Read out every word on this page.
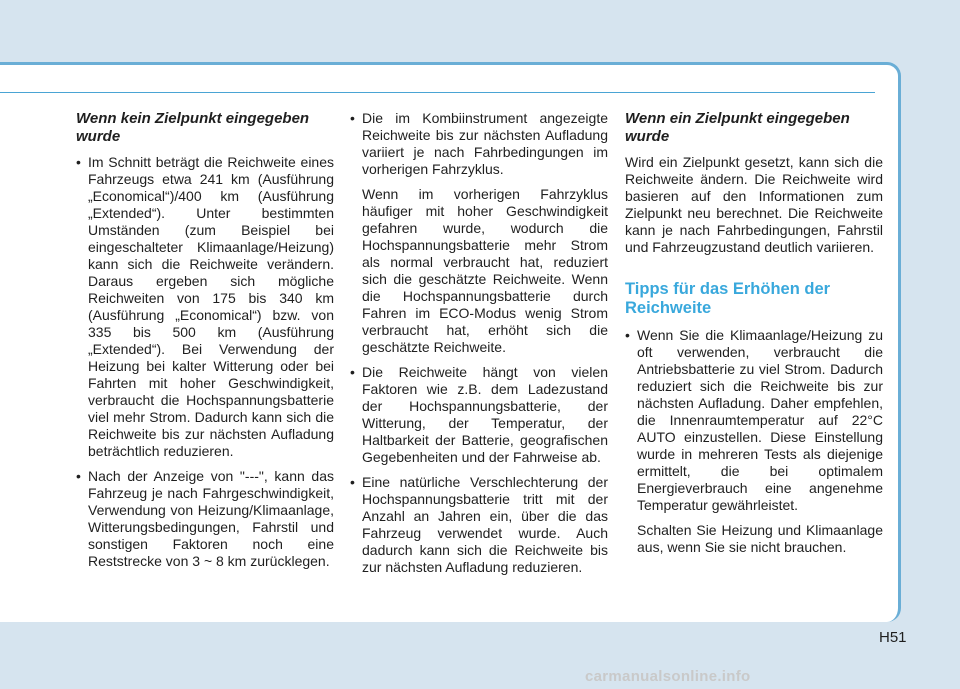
Wenn kein Zielpunkt eingegeben wurde
• Im Schnitt beträgt die Reichweite eines Fahrzeugs etwa 241 km (Ausführung „Economical“)/400 km (Ausführung „Extended“). Unter bestimmten Umständen (zum Beispiel bei eingeschalteter Klimaanlage/Heizung) kann sich die Reichweite verändern. Daraus ergeben sich mögliche Reichweiten von 175 bis 340 km (Ausführung „Economical“) bzw. von 335 bis 500 km (Ausführung „Extended“). Bei Verwendung der Heizung bei kalter Witterung oder bei Fahrten mit hoher Geschwindigkeit, verbraucht die Hochspannungsbatterie viel mehr Strom. Dadurch kann sich die Reichweite bis zur nächsten Aufladung beträchtlich reduzieren.
• Nach der Anzeige von "---", kann das Fahrzeug je nach Fahrgeschwindigkeit, Verwendung von Heizung/Klimaanlage, Witterungsbedingungen, Fahrstil und sonstigen Faktoren noch eine Reststrecke von 3 ~ 8 km zurücklegen.
• Die im Kombiinstrument angezeigte Reichweite bis zur nächsten Aufladung variiert je nach Fahrbedingungen im vorherigen Fahrzyklus.

Wenn im vorherigen Fahrzyklus häufiger mit hoher Geschwindigkeit gefahren wurde, wodurch die Hochspannungsbatterie mehr Strom als normal verbraucht hat, reduziert sich die geschätzte Reichweite. Wenn die Hochspannungsbatterie durch Fahren im ECO-Modus wenig Strom verbraucht hat, erhöht sich die geschätzte Reichweite.

• Die Reichweite hängt von vielen Faktoren wie z.B. dem Ladezustand der Hochspannungsbatterie, der Witterung, der Temperatur, der Haltbarkeit der Batterie, geografischen Gegebenheiten und der Fahrweise ab.
• Eine natürliche Verschlechterung der Hochspannungsbatterie tritt mit der Anzahl an Jahren ein, über die das Fahrzeug verwendet wurde. Auch dadurch kann sich die Reichweite bis zur nächsten Aufladung reduzieren.
Wenn ein Zielpunkt eingegeben wurde

Wird ein Zielpunkt gesetzt, kann sich die Reichweite ändern. Die Reichweite wird basieren auf den Informationen zum Zielpunkt neu berechnet. Die Reichweite kann je nach Fahrbedingungen, Fahrstil und Fahrzeugzustand deutlich variieren.

Tipps für das Erhöhen der Reichweite
• Wenn Sie die Klimaanlage/Heizung zu oft verwenden, verbraucht die Antriebsbatterie zu viel Strom. Dadurch reduziert sich die Reichweite bis zur nächsten Aufladung. Daher empfehlen, die Innenraumtemperatur auf 22°C AUTO einzustellen. Diese Einstellung wurde in mehreren Tests als diejenige ermittelt, die bei optimalem Energieverbrauch eine angenehme Temperatur gewährleistet.

Schalten Sie Heizung und Klimaanlage aus, wenn Sie sie nicht brauchen.

H51
carmanualsonline.info
